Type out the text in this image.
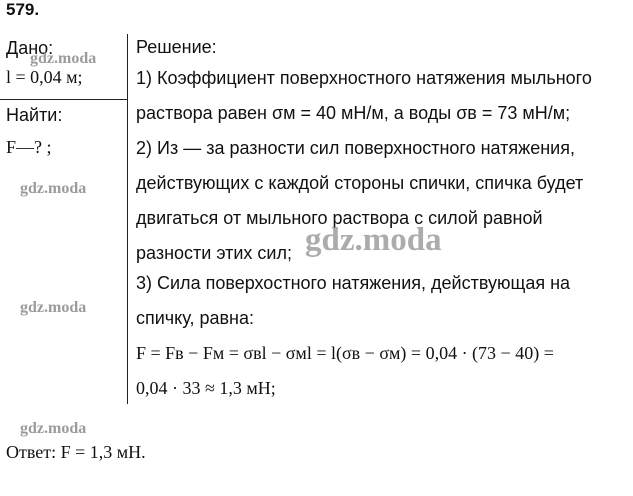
579.
Дано:
l = 0,04 м;
Найти:
F—? ;
Решение:
1) Коэффициент поверхностного натяжения мыльного
раствора равен σм = 40 мН/м, а воды σв = 73 мН/м;
2) Из — за разности сил поверхностного натяжения,
действующих с каждой стороны спички, спичка будет
двигаться от мыльного раствора с силой равной
разности этих сил;
3) Сила поверхостного натяжения, действующая на
спичку, равна:
F = Fв − Fм = σвl − σмl = l(σв − σм) = 0,04 · (73 − 40) =
0,04 · 33 ≈ 1,3 мН;
Ответ: F = 1,3 мН.
gdz.moda
gdz.moda
gdz.moda
gdz.moda
gdz.moda
